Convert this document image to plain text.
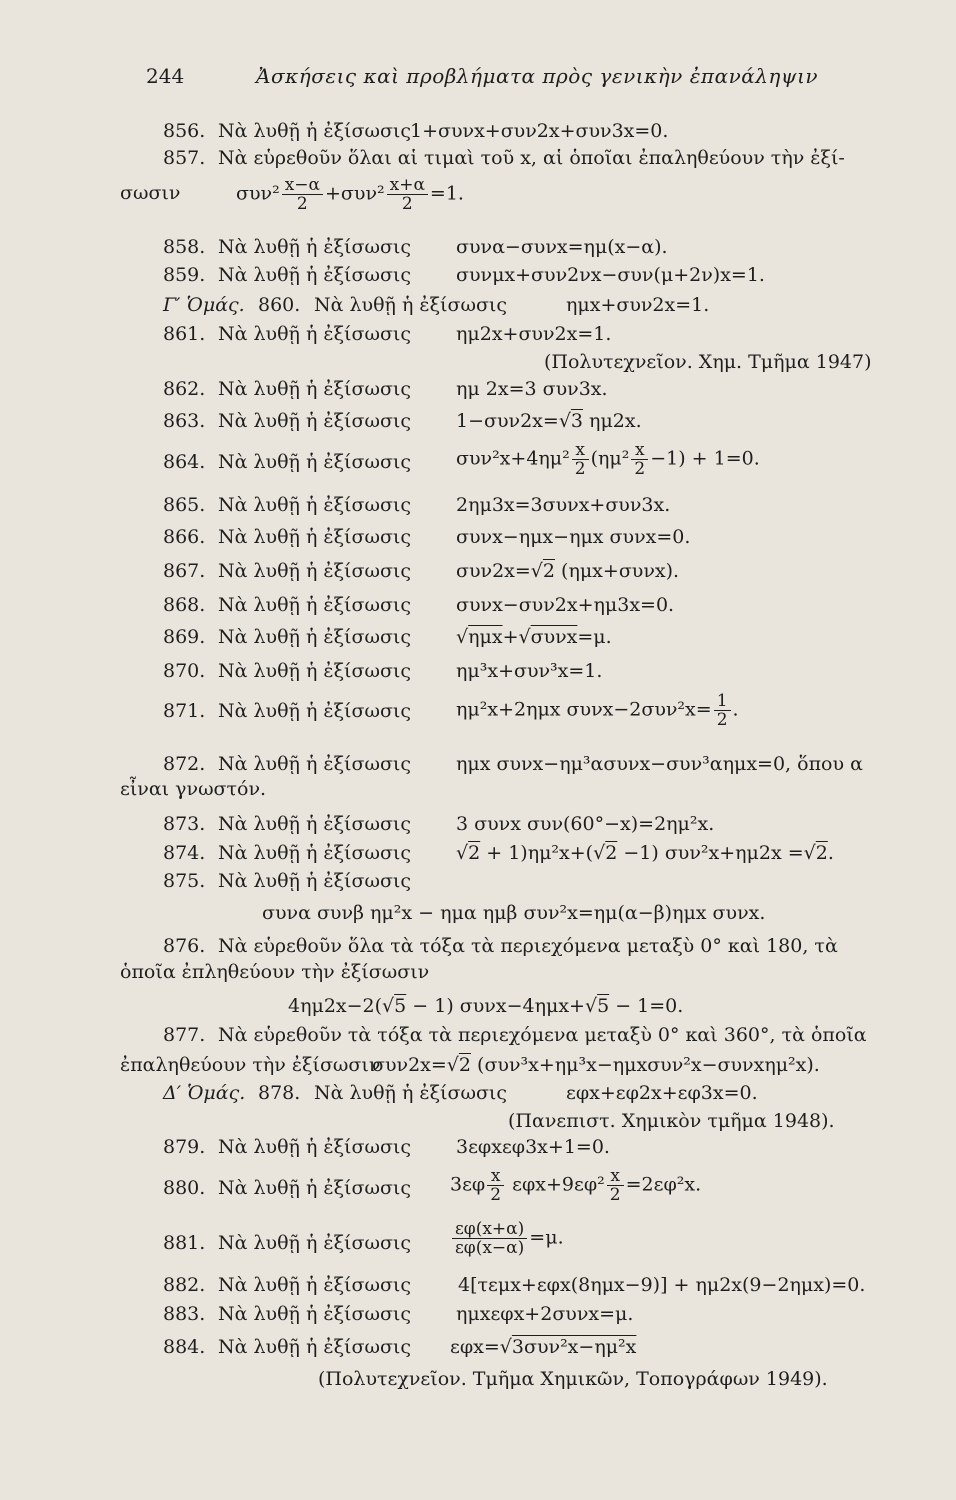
244	Ἀσκήσεις καὶ προβλήματα πρὸς γενικὴν ἐπανάληψιν
856. Νὰ λυθῇ ἡ ἐξίσωσις
1+συνx+συν2x+συν3x=0.
857. Νὰ εὑρεθοῦν ὅλαι αἱ τιμαὶ τοῦ x, αἱ ὁποῖαι ἐπαληθεύουν τὴν ἐξί-
σωσιν	$\sigma\upsilon\nu^2 \frac{x-\alpha}{2} +\sigma\upsilon\nu^2 \frac{x+\alpha}{2} =1$.
858. Νὰ λυθῇ ἡ ἐξίσωσις συνα−συνx=ημ(x−α).
859. Νὰ λυθῇ ἡ ἐξίσωσις συνμx+συν2νx−συν(μ+2ν)x=1.
Γ′ Ὁμάς. 860. Νὰ λυθῇ ἡ ἐξίσωσις	ημx+συν2x=1.
861. Νὰ λυθῇ ἡ ἐξίσωσις ημ2x+συν2x=1.
(Πολυτεχνεῖον. Χημ. Τμῆμα 1947)
862. Νὰ λυθῇ ἡ ἐξίσωσις ημ 2x=3 συν3x.
863. Νὰ λυθῇ ἡ ἐξίσωσις 1−συν2x=√3 ημ2x.
864. Νὰ λυθῇ ἡ ἐξίσωσις $\sigma\upsilon\nu^2x+4\eta\mu^2 \frac{x}{2} (\eta\mu^2 \frac{x}{2} -1) + 1=0$.
865. Νὰ λυθῇ ἡ ἐξίσωσις 2ημ3x=3συνx+συν3x.
866. Νὰ λυθῇ ἡ ἐξίσωσις συνx−ημx−ημx συνx=0.
867. Νὰ λυθῇ ἡ ἐξίσωσις συν2x=√2 (ημx+συνx).
868. Νὰ λυθῇ ἡ ἐξίσωσις συνx−συν2x+ημ3x=0.
869. Νὰ λυθῇ ἡ ἐξίσωσις √ημx+√συνx=μ.
870. Νὰ λυθῇ ἡ ἐξίσωσις ημ³x+συν³x=1.
871. Νὰ λυθῇ ἡ ἐξίσωσις ημ²x+2ημx $\sigma\upsilon\nu x-2\sigma\upsilon\nu^2x= \frac{1}{2}$ .
872. Νὰ λυθῇ ἡ ἐξίσωσις ημx συνx−ημ³ασυνx−συν³αημx=0, ὅπου α
εἶναι γνωστόν.
873. Νὰ λυθῇ ἡ ἐξίσωσις 3 συνx συν(60°−x)=2ημ²x.
874. Νὰ λυθῇ ἡ ἐξίσωσις √2 + 1)ημ²x+(√2 −1) συν²x+ημ2x =√2.
875. Νὰ λυθῇ ἡ ἐξίσωσις
συνα συνβ ημ²x − ημα ημβ συν²x=ημ(α−β)ημx συνx.
876. Νὰ εὑρεθοῦν ὅλα τὰ τόξα τὰ περιεχόμενα μεταξὺ 0° καὶ 180, τὰ
ὁποῖα ἐπληθεύουν τὴν ἐξίσωσιν
4ημ2x−2(√5 − 1) συνx−4ημx+√5 − 1=0.
877. Νὰ εὑρεθοῦν τὰ τόξα τὰ περιεχόμενα μεταξὺ 0° καὶ 360°, τὰ ὁποῖα
ἐπαληθεύουν τὴν ἐξίσωσιν
συν2x=√2 (συν³x+ημ³x−ημxσυν²x−συνxημ²x).
Δ′ Ὁμάς. 878. Νὰ λυθῇ ἡ ἐξίσωσις	εφx+εφ2x+εφ3x=0.
(Πανεπιστ. Χημικὸν τμῆμα 1948).
879. Νὰ λυθῇ ἡ ἐξίσωσις 3εφxεφ3x+1=0.
880. Νὰ λυθῇ ἡ ἐξίσωσις $3\varepsilon\varphi \frac{x}{2} \varepsilon\varphi x+9\varepsilon\varphi^2 \frac{x}{2} =2\varepsilon\varphi^2x$.
881. Νὰ λυθῇ ἡ ἐξίσωσις $\frac{\varepsilon\varphi(x+\alpha)}{\varepsilon\varphi(x-\alpha)} =\mu$.
882. Νὰ λυθῇ ἡ ἐξίσωσις 4[τεμx+εφx(8ημx−9)] + ημ2x(9−2ημx)=0.
883. Νὰ λυθῇ ἡ ἐξίσωσις ημxεφx+2συνx=μ.
884. Νὰ λυθῇ ἡ ἐξίσωσις εφx=√3συν²x−ημ²x
(Πολυτεχνεῖον. Τμῆμα Χημικῶν, Τοπογράφων 1949).
